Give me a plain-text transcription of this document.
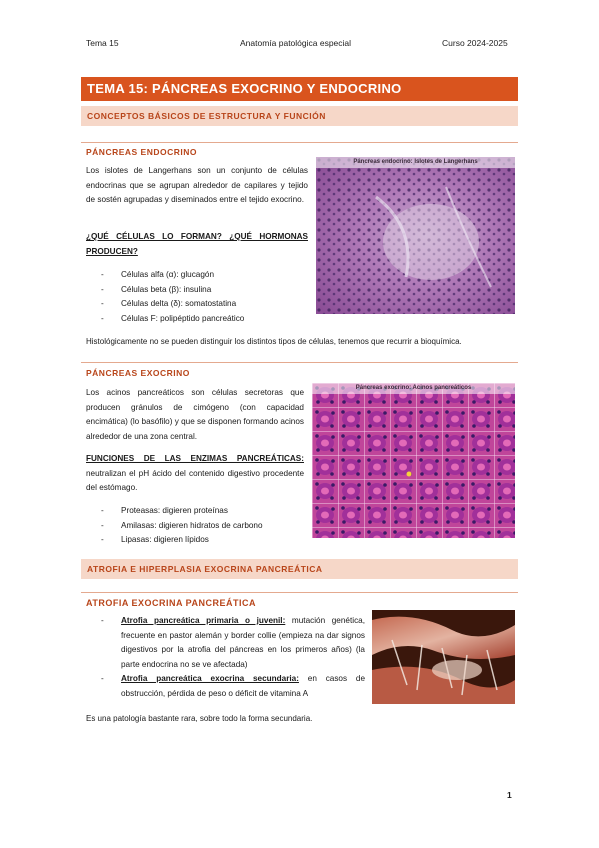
Tema 15	Anatomía patológica especial	Curso 2024-2025
TEMA 15: PÁNCREAS EXOCRINO Y ENDOCRINO
CONCEPTOS BÁSICOS DE ESTRUCTURA Y FUNCIÓN
PÁNCREAS ENDOCRINO
Los islotes de Langerhans son un conjunto de células endocrinas que se agrupan alrededor de capilares y tejido de sostén agrupadas y diseminados entre el tejido exocrino.
¿QUÉ CÉLULAS LO FORMAN? ¿QUÉ HORMONAS PRODUCEN?
- Células alfa (α): glucagón
- Células beta (β): insulina
- Células delta (δ): somatostatina
- Células F: polipéptido pancreático
Páncreas endocrino: Islotes de Langerhans
Histológicamente no se pueden distinguir los distintos tipos de células, tenemos que recurrir a bioquímica.
PÁNCREAS EXOCRINO
Los acinos pancreáticos son células secretoras que producen gránulos de cimógeno (con capacidad encimática) (lo basófilo) y que se disponen formando acinos alrededor de una zona central.
FUNCIONES DE LAS ENZIMAS PANCREÁTICAS: neutralizan el pH ácido del contenido digestivo procedente del estómago.
- Proteasas: digieren proteínas
- Amilasas: digieren hidratos de carbono
- Lipasas: digieren lípidos
Páncreas exocrino: Acinos pancreáticos
ATROFIA E HIPERPLASIA EXOCRINA PANCREÁTICA
ATROFIA EXOCRINA PANCREÁTICA
- Atrofia pancreática primaria o juvenil: mutación genética, frecuente en pastor alemán y border collie (empieza na dar signos digestivos por la atrofia del páncreas en los primeros años) (la parte endocrina no se ve afectada)
- Atrofia pancreática exocrina secundaria: en casos de obstrucción, pérdida de peso o déficit de vitamina A
Es una patología bastante rara, sobre todo la forma secundaria.
1
